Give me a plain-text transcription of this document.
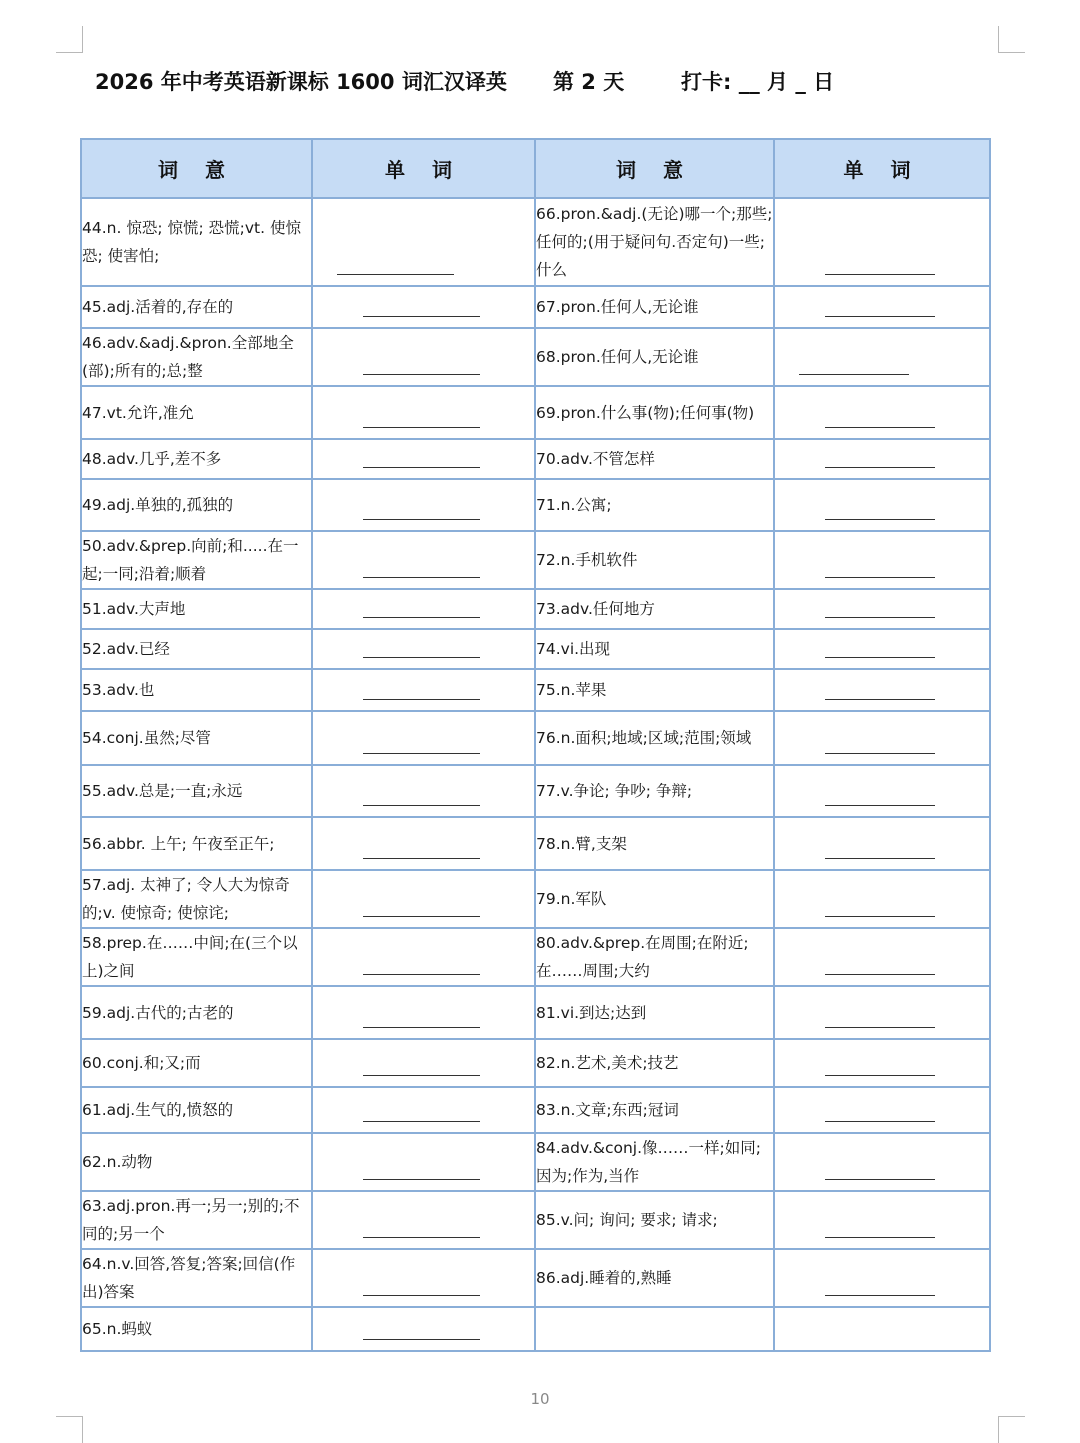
2026 年中考英语新课标 1600 词汇汉译英 第 2 天	打卡: __ 月 _ 日
词 意	单 词	词 意	单 词
44.n. 惊恐; 惊慌; 恐慌;vt. 使惊恐; 使害怕;		66.pron.&adj.(无论)哪一个;那些;任何的;(用于疑问句.否定句)一些;什么	

45.adj.活着的,存在的		67.pron.任何人,无论谁	

46.adv.&adj.&pron.全部地全(部);所有的;总;整		68.pron.任何人,无论谁	

47.vt.允许,准允		69.pron.什么事(物);任何事(物)	

48.adv.几乎,差不多		70.adv.不管怎样	

49.adj.单独的,孤独的		71.n.公寓;	

50.adv.&prep.向前;和.....在一起;一同;沿着;顺着		72.n.手机软件	

51.adv.大声地		73.adv.任何地方	

52.adv.已经		74.vi.出现	

53.adv.也		75.n.苹果	

54.conj.虽然;尽管		76.n.面积;地域;区域;范围;领域	

55.adv.总是;一直;永远		77.v.争论; 争吵; 争辩;	

56.abbr. 上午; 午夜至正午;		78.n.臂,支架	

57.adj. 太神了; 令人大为惊奇的;v. 使惊奇; 使惊诧;		79.n.军队	

58.prep.在……中间;在(三个以上)之间		80.adv.&prep.在周围;在附近;在……周围;大约	

59.adj.古代的;古老的		81.vi.到达;达到	

60.conj.和;又;而		82.n.艺术,美术;技艺	

61.adj.生气的,愤怒的		83.n.文章;东西;冠词	

62.n.动物		84.adv.&conj.像……一样;如同;因为;作为,当作	

63.adj.pron.再一;另一;别的;不同的;另一个		85.v.问; 询问; 要求; 请求;	

64.n.v.回答,答复;答案;回信(作出)答案		86.adj.睡着的,熟睡	

65.n.蚂蚁	

10
